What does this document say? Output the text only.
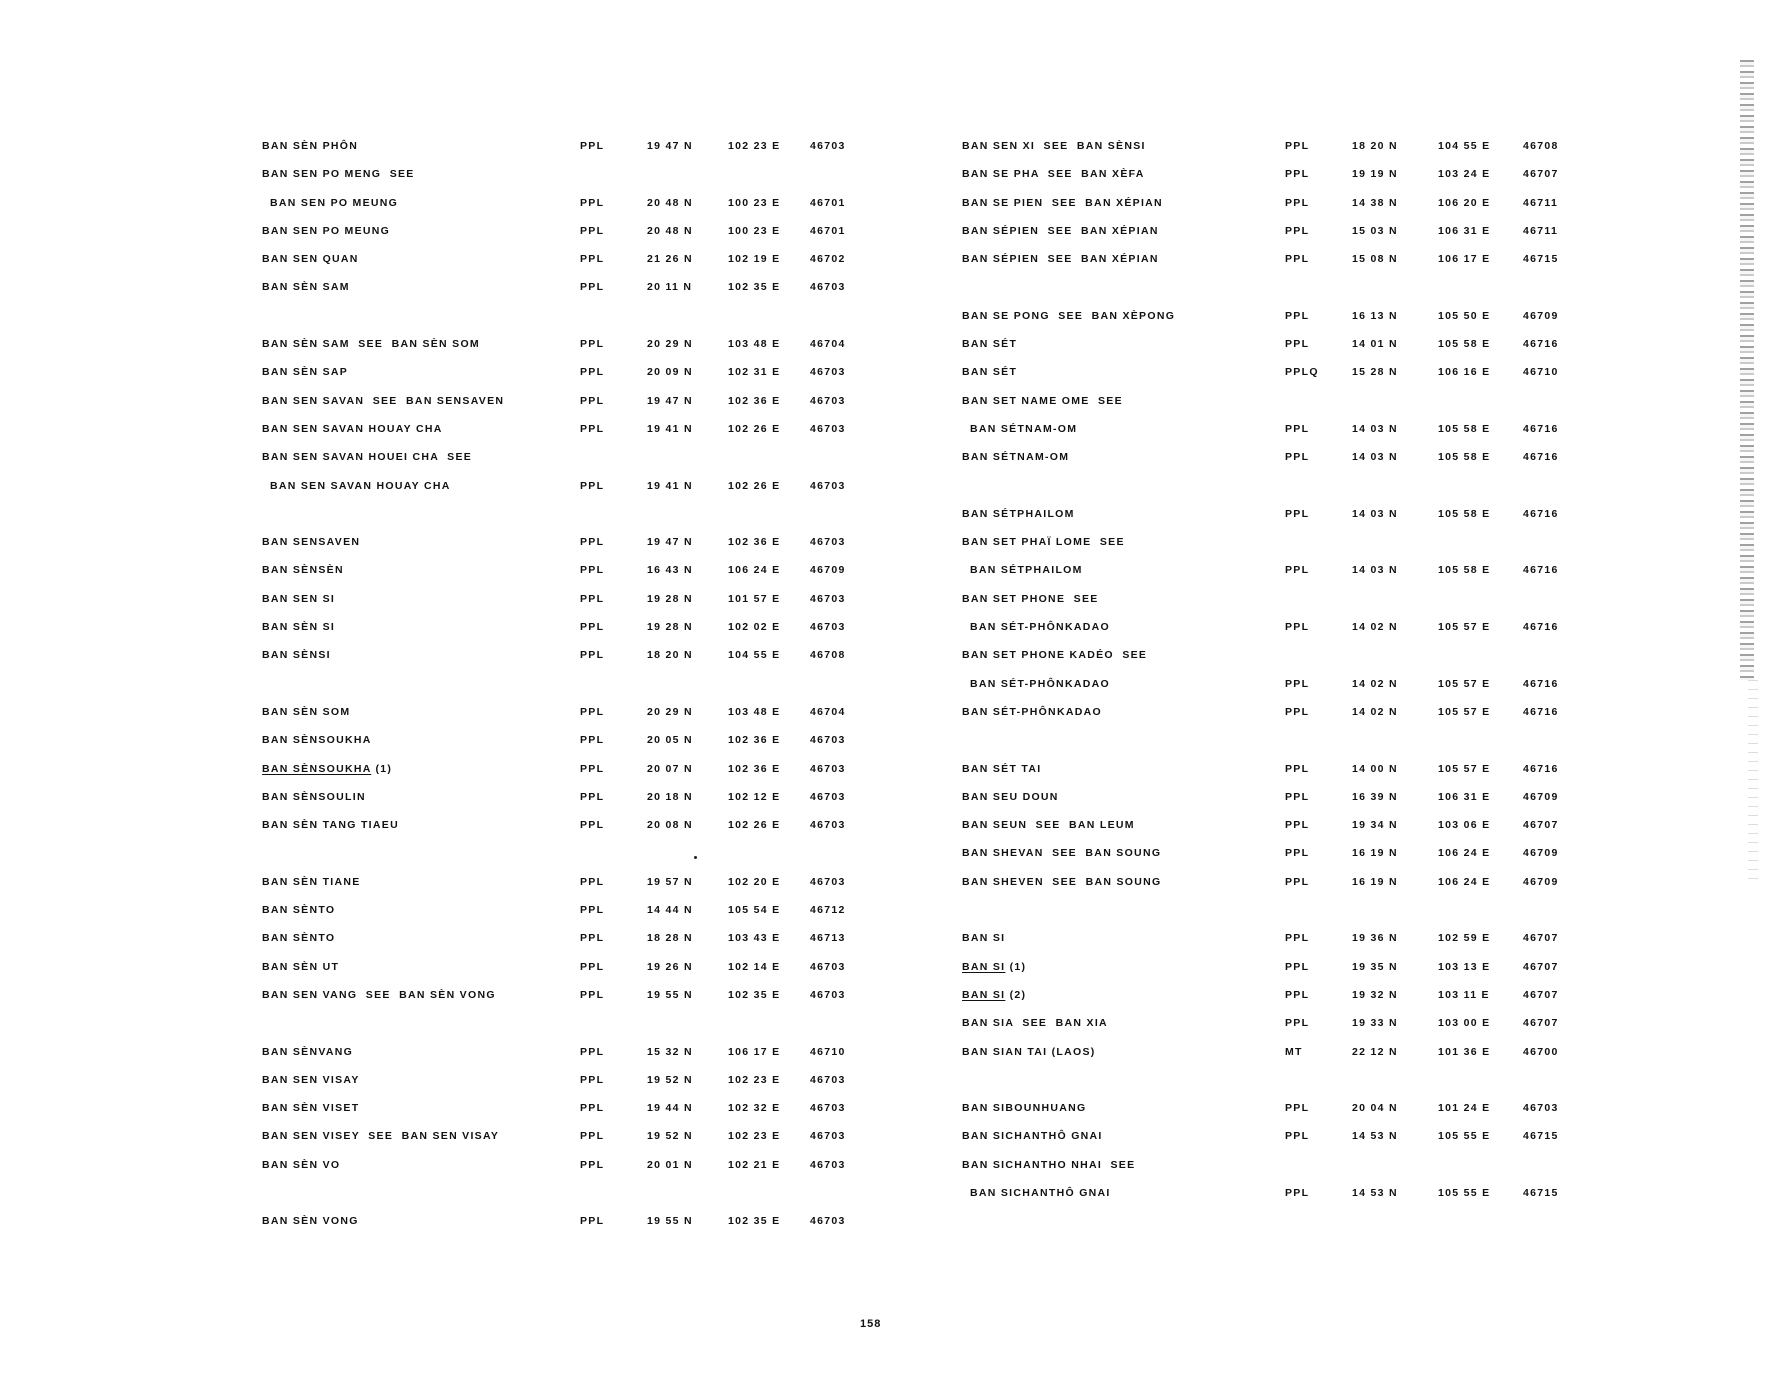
BAN SÈN PHÔN	PPL	19 47 N	102 23 E	46703
BAN SEN PO MENG  SEE
BAN SEN PO MEUNG	PPL	20 48 N	100 23 E	46701
BAN SEN PO MEUNG	PPL	20 48 N	100 23 E	46701
BAN SEN QUAN	PPL	21 26 N	102 19 E	46702
BAN SÈN SAM	PPL	20 11 N	102 35 E	46703
BAN SÈN SAM  SEE  BAN SÈN SOM	PPL	20 29 N	103 48 E	46704
BAN SÈN SAP	PPL	20 09 N	102 31 E	46703
BAN SEN SAVAN  SEE  BAN SENSAVEN	PPL	19 47 N	102 36 E	46703
BAN SEN SAVAN HOUAY CHA	PPL	19 41 N	102 26 E	46703
BAN SEN SAVAN HOUEI CHA  SEE
BAN SEN SAVAN HOUAY CHA	PPL	19 41 N	102 26 E	46703
BAN SENSAVEN	PPL	19 47 N	102 36 E	46703
BAN SÈNSÈN	PPL	16 43 N	106 24 E	46709
BAN SEN SI	PPL	19 28 N	101 57 E	46703
BAN SÈN SI	PPL	19 28 N	102 02 E	46703
BAN SÈNSI	PPL	18 20 N	104 55 E	46708
BAN SÈN SOM	PPL	20 29 N	103 48 E	46704
BAN SÈNSOUKHA	PPL	20 05 N	102 36 E	46703
BAN SÈNSOUKHA (1)	PPL	20 07 N	102 36 E	46703
BAN SÈNSOULIN	PPL	20 18 N	102 12 E	46703
BAN SÈN TANG TIAEU	PPL	20 08 N	102 26 E	46703
BAN SÈN TIANE	PPL	19 57 N	102 20 E	46703
BAN SÈNTO	PPL	14 44 N	105 54 E	46712
BAN SÈNTO	PPL	18 28 N	103 43 E	46713
BAN SÈN UT	PPL	19 26 N	102 14 E	46703
BAN SEN VANG  SEE  BAN SÈN VONG	PPL	19 55 N	102 35 E	46703
BAN SÈNVANG	PPL	15 32 N	106 17 E	46710
BAN SEN VISAY	PPL	19 52 N	102 23 E	46703
BAN SÈN VISET	PPL	19 44 N	102 32 E	46703
BAN SEN VISEY  SEE  BAN SEN VISAY	PPL	19 52 N	102 23 E	46703
BAN SÈN VO	PPL	20 01 N	102 21 E	46703
BAN SÈN VONG	PPL	19 55 N	102 35 E	46703
BAN SEN XI  SEE  BAN SÈNSI	PPL	18 20 N	104 55 E	46708
BAN SE PHA  SEE  BAN XÈFA	PPL	19 19 N	103 24 E	46707
BAN SE PIEN  SEE  BAN XÉPIAN	PPL	14 38 N	106 20 E	46711
BAN SÉPIEN  SEE  BAN XÉPIAN	PPL	15 03 N	106 31 E	46711
BAN SÉPIEN  SEE  BAN XÉPIAN	PPL	15 08 N	106 17 E	46715
BAN SE PONG  SEE  BAN XÈPONG	PPL	16 13 N	105 50 E	46709
BAN SÉT	PPL	14 01 N	105 58 E	46716
BAN SÉT	PPLQ	15 28 N	106 16 E	46710
BAN SET NAME OME  SEE
BAN SÉTNAM-OM	PPL	14 03 N	105 58 E	46716
BAN SÉTNAM-OM	PPL	14 03 N	105 58 E	46716
BAN SÉTPHAILOM	PPL	14 03 N	105 58 E	46716
BAN SET PHAÏ LOME  SEE
BAN SÉTPHAILOM	PPL	14 03 N	105 58 E	46716
BAN SET PHONE  SEE
BAN SÉT-PHÔNKADAO	PPL	14 02 N	105 57 E	46716
BAN SET PHONE KADÉO  SEE
BAN SÉT-PHÔNKADAO	PPL	14 02 N	105 57 E	46716
BAN SÉT-PHÔNKADAO	PPL	14 02 N	105 57 E	46716
BAN SÉT TAI	PPL	14 00 N	105 57 E	46716
BAN SEU DOUN	PPL	16 39 N	106 31 E	46709
BAN SEUN  SEE  BAN LEUM	PPL	19 34 N	103 06 E	46707
BAN SHEVAN  SEE  BAN SOUNG	PPL	16 19 N	106 24 E	46709
BAN SHEVEN  SEE  BAN SOUNG	PPL	16 19 N	106 24 E	46709
BAN SI	PPL	19 36 N	102 59 E	46707
BAN SI (1)	PPL	19 35 N	103 13 E	46707
BAN SI (2)	PPL	19 32 N	103 11 E	46707
BAN SIA  SEE  BAN XIA	PPL	19 33 N	103 00 E	46707
BAN SIAN TAI (LAOS)	MT	22 12 N	101 36 E	46700
BAN SIBOUNHUANG	PPL	20 04 N	101 24 E	46703
BAN SICHANTHÔ GNAI	PPL	14 53 N	105 55 E	46715
BAN SICHANTHO NHAI  SEE
BAN SICHANTHÔ GNAI	PPL	14 53 N	105 55 E	46715
158
